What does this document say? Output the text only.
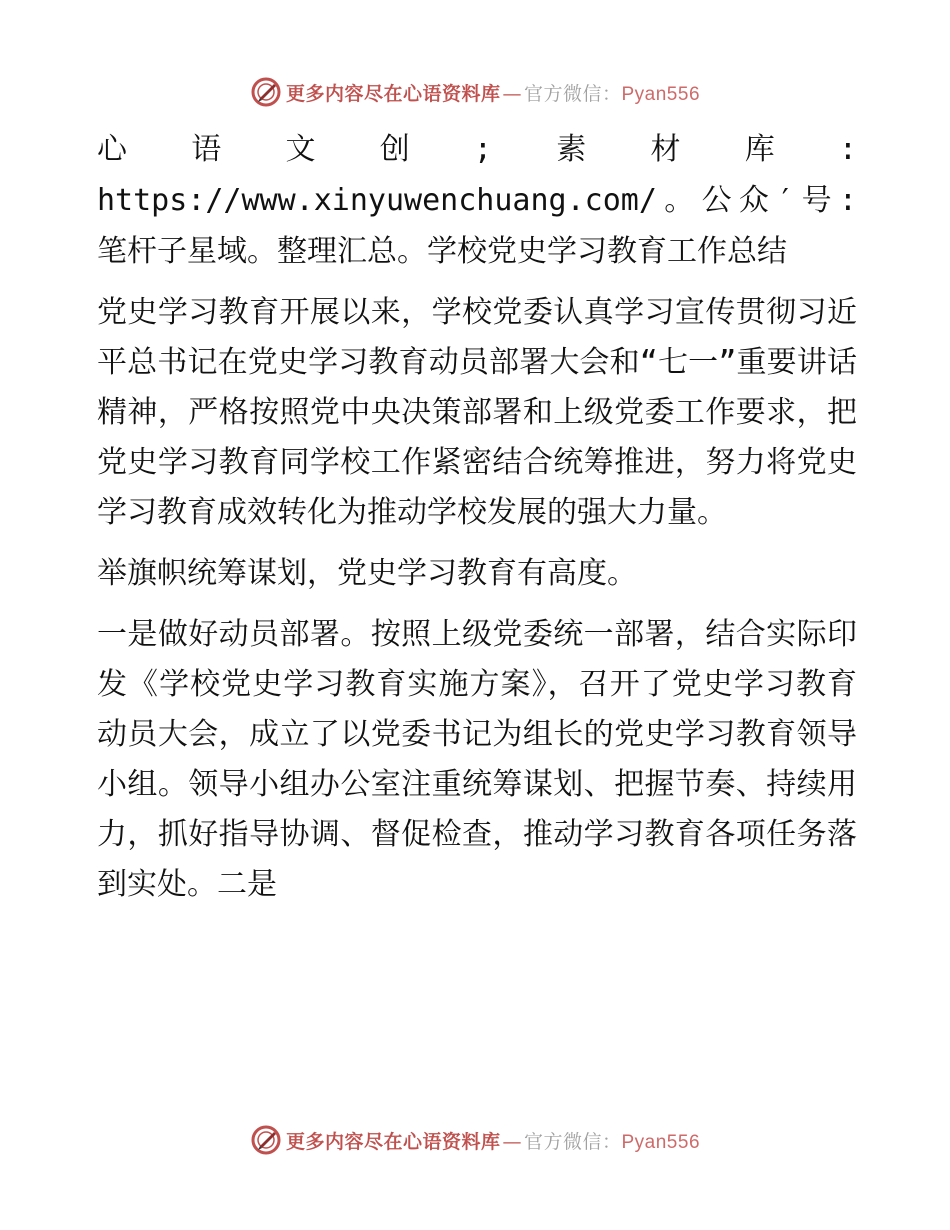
更多内容尽在心语资料库 — 官方微信：Pyan556

心语文创;素材库: https://www.xinyuwenchuang.com/。公众′号: 笔杆子星域。整理汇总。学校党史学习教育工作总结

党史学习教育开展以来，学校党委认真学习宣传贯彻习近平总书记在党史学习教育动员部署大会和“七一”重要讲话精神，严格按照党中央决策部署和上级党委工作要求，把党史学习教育同学校工作紧密结合统筹推进，努力将党史学习教育成效转化为推动学校发展的强大力量。

举旗帜统筹谋划，党史学习教育有高度。

一是做好动员部署。按照上级党委统一部署，结合实际印发《学校党史学习教育实施方案》，召开了党史学习教育动员大会，成立了以党委书记为组长的党史学习教育领导小组。领导小组办公室注重统筹谋划、把握节奏、持续用力，抓好指导协调、督促检查，推动学习教育各项任务落到实处。二是

更多内容尽在心语资料库 — 官方微信：Pyan556
